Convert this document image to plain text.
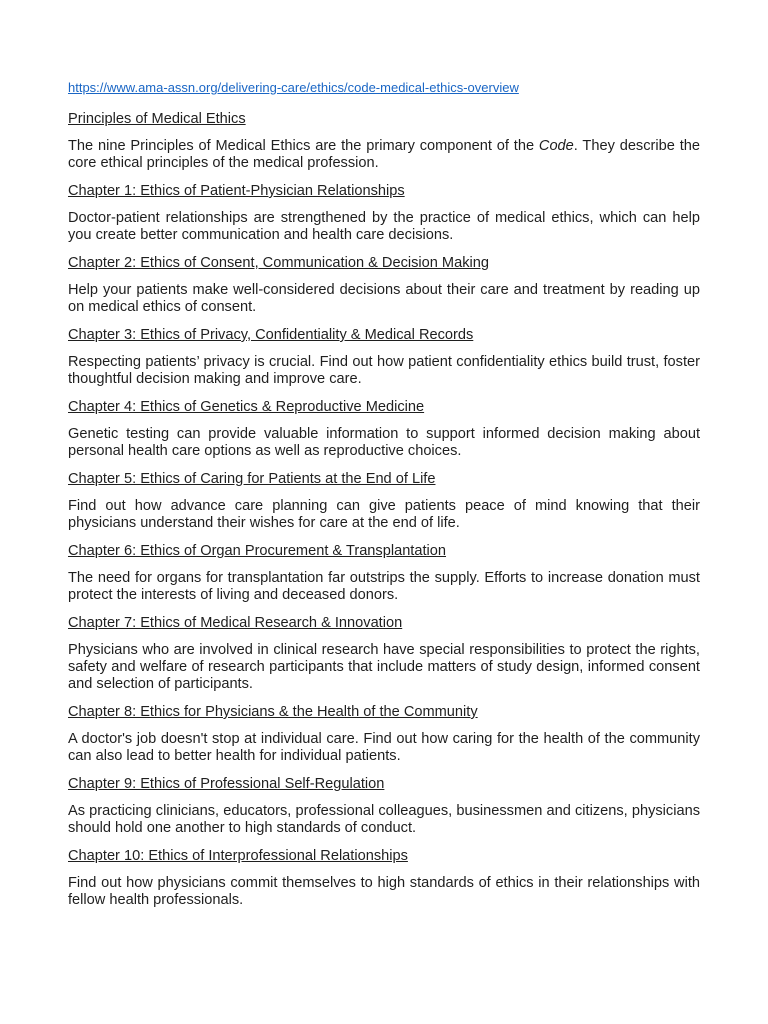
https://www.ama-assn.org/delivering-care/ethics/code-medical-ethics-overview
Principles of Medical Ethics

The nine Principles of Medical Ethics are the primary component of the Code. They describe the core ethical principles of the medical profession.

Chapter 1: Ethics of Patient-Physician Relationships

Doctor-patient relationships are strengthened by the practice of medical ethics, which can help you create better communication and health care decisions.

Chapter 2: Ethics of Consent, Communication & Decision Making

Help your patients make well-considered decisions about their care and treatment by reading up on medical ethics of consent.

Chapter 3: Ethics of Privacy, Confidentiality & Medical Records

Respecting patients’ privacy is crucial. Find out how patient confidentiality ethics build trust, foster thoughtful decision making and improve care.

Chapter 4: Ethics of Genetics & Reproductive Medicine

Genetic testing can provide valuable information to support informed decision making about personal health care options as well as reproductive choices.

Chapter 5: Ethics of Caring for Patients at the End of Life

Find out how advance care planning can give patients peace of mind knowing that their physicians understand their wishes for care at the end of life.

Chapter 6: Ethics of Organ Procurement & Transplantation

The need for organs for transplantation far outstrips the supply. Efforts to increase donation must protect the interests of living and deceased donors.

Chapter 7: Ethics of Medical Research & Innovation

Physicians who are involved in clinical research have special responsibilities to protect the rights, safety and welfare of research participants that include matters of study design, informed consent and selection of participants.

Chapter 8: Ethics for Physicians & the Health of the Community

A doctor's job doesn't stop at individual care. Find out how caring for the health of the community can also lead to better health for individual patients.

Chapter 9: Ethics of Professional Self-Regulation

As practicing clinicians, educators, professional colleagues, businessmen and citizens, physicians should hold one another to high standards of conduct.

Chapter 10: Ethics of Interprofessional Relationships

Find out how physicians commit themselves to high standards of ethics in their relationships with fellow health professionals.
